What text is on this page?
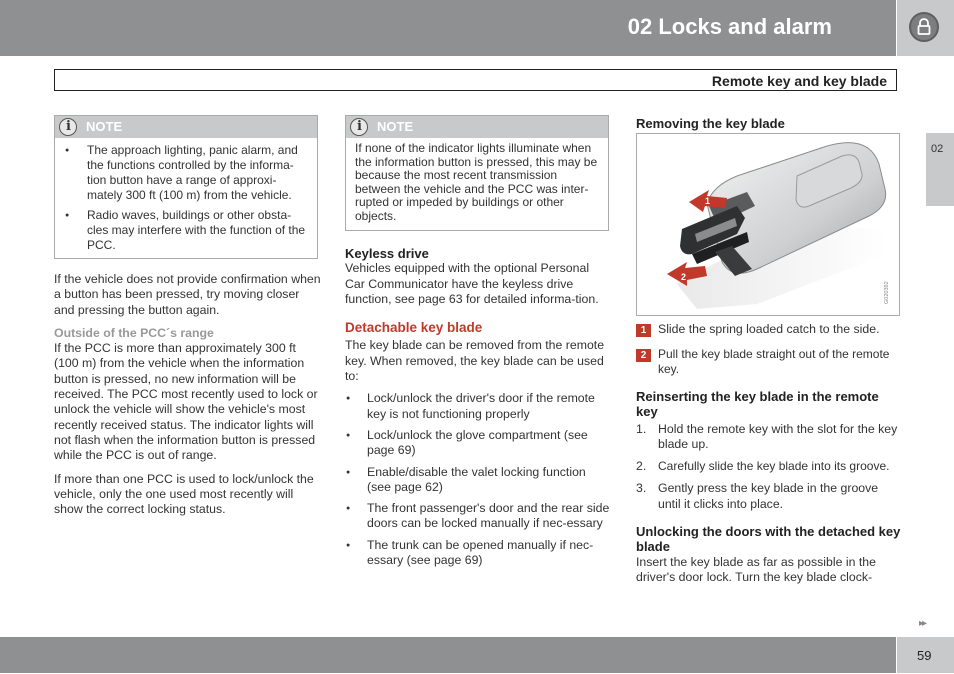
02 Locks and alarm
02
Remote key and key blade
i
NOTE
● The approach lighting, panic alarm, and the functions controlled by the informa-tion button have a range of approxi-mately 300 ft (100 m) from the vehicle.
● Radio waves, buildings or other obsta-cles may interfere with the function of the PCC.

If the vehicle does not provide confirmation when a button has been pressed, try moving closer and pressing the button again.

Outside of the PCC´s range

If the PCC is more than approximately 300 ft (100 m) from the vehicle when the information button is pressed, no new information will be received. The PCC most recently used to lock or unlock the vehicle will show the vehicle's most recently received status. The indicator lights will not flash when the information button is pressed while the PCC is out of range.

If more than one PCC is used to lock/unlock the vehicle, only the one used most recently will show the correct locking status.

i
NOTE
If none of the indicator lights illuminate when the information button is pressed, this may be because the most recent transmission between the vehicle and the PCC was inter-rupted or impeded by buildings or other objects.

Keyless drive

Vehicles equipped with the optional Personal Car Communicator have the keyless drive function, see page 63 for detailed informa-tion.

Detachable key blade

The key blade can be removed from the remote key. When removed, the key blade can be used to:

● Lock/unlock the driver's door if the remote key is not functioning properly
● Lock/unlock the glove compartment (see page 69)
● Enable/disable the valet locking function (see page 62)
● The front passenger's door and the rear side doors can be locked manually if nec-essary
● The trunk can be opened manually if nec-essary (see page 69)

Removing the key blade

1
2
G020392
1 Slide the spring loaded catch to the side.
2 Pull the key blade straight out of the remote key.

Reinserting the key blade in the remote key

1. Hold the remote key with the slot for the key blade up.
2. Carefully slide the key blade into its groove.
3. Gently press the key blade in the groove until it clicks into place.

Unlocking the doors with the detached key blade

Insert the key blade as far as possible in the driver's door lock. Turn the key blade clock-

▸▸
59
